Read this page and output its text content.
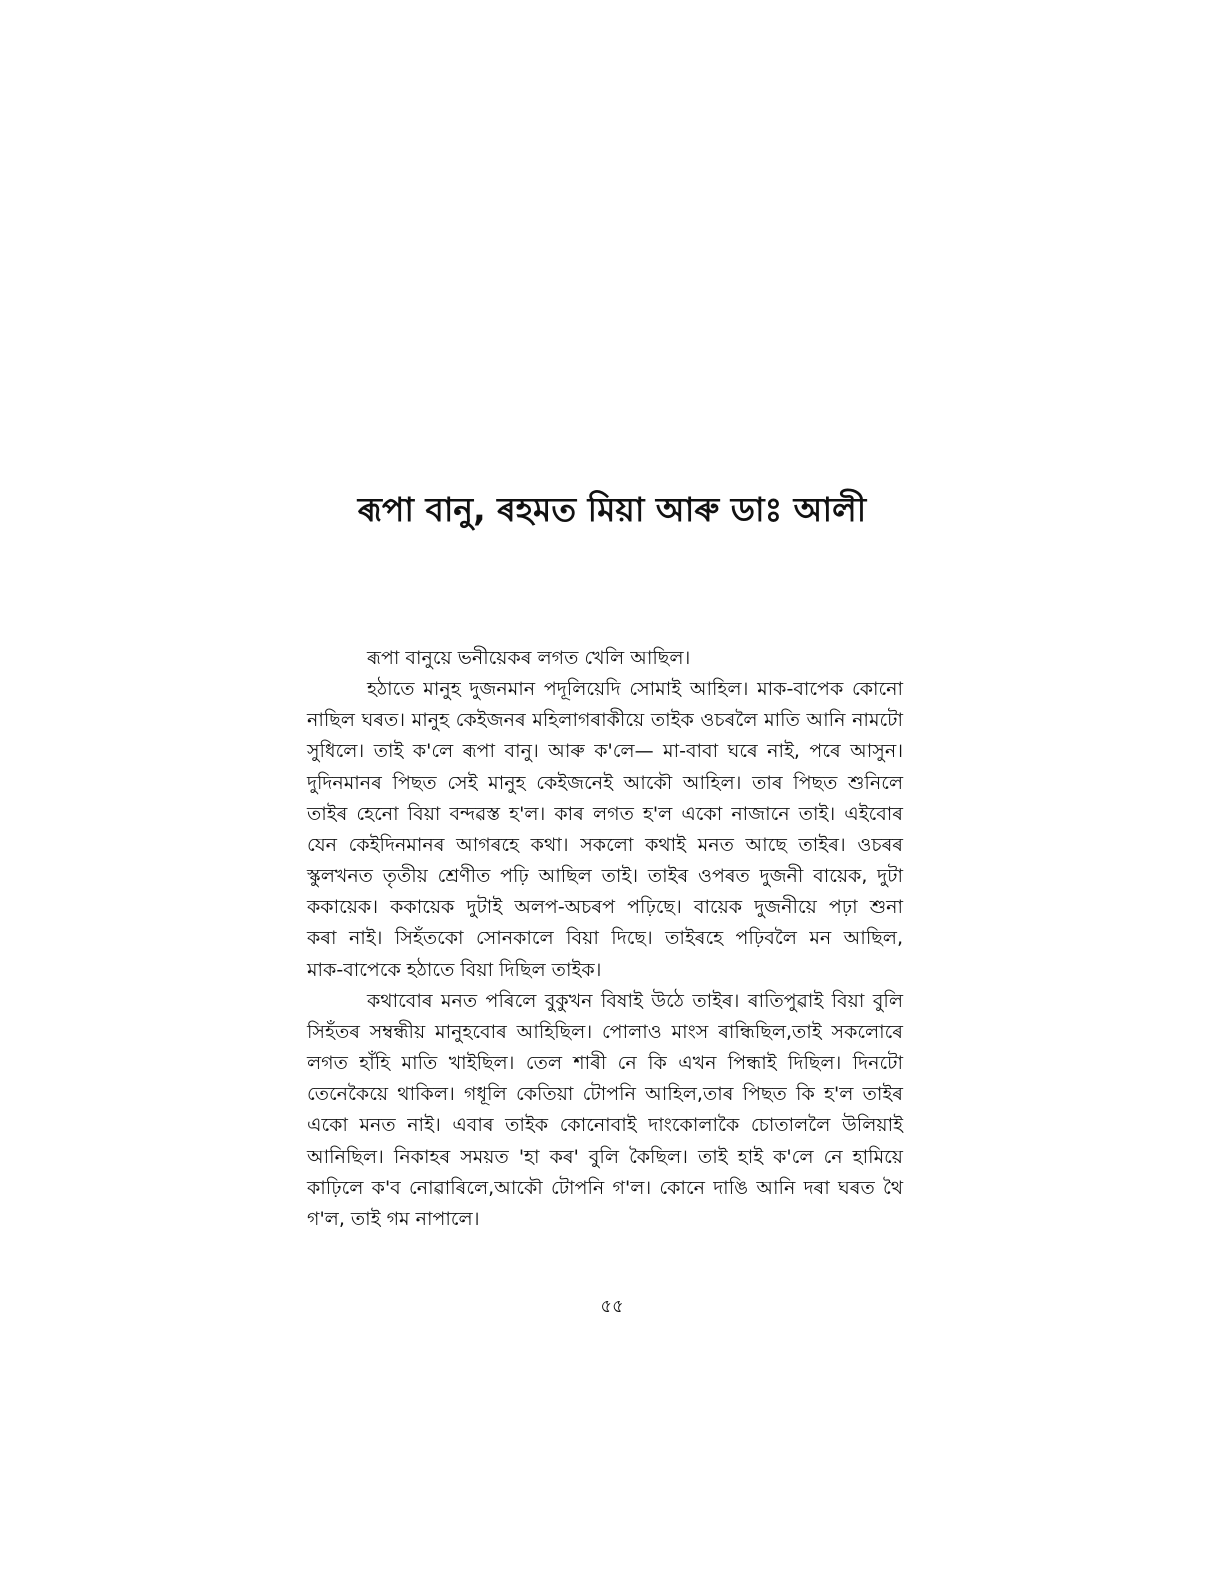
ৰূপা বানু, ৰহমত মিয়া আৰু ডাঃ আলী
ৰূপা বানুয়ে ভনীয়েকৰ লগত খেলি আছিল।
হঠাতে মানুহ দুজনমান পদূলিয়েদি সোমাই আহিল। মাক-বাপেক কোনো
নাছিল ঘৰত। মানুহ কেইজনৰ মহিলাগৰাকীয়ে তাইক ওচৰলৈ মাতি আনি নামটো
সুধিলে। তাই ক'লে ৰূপা বানু। আৰু ক'লে— মা-বাবা ঘৰে নাই, পৰে আসুন।
দুদিনমানৰ পিছত সেই মানুহ কেইজনেই আকৌ আহিল। তাৰ পিছত শুনিলে
তাইৰ হেনো বিয়া বন্দৱস্ত হ'ল। কাৰ লগত হ'ল একো নাজানে তাই। এইবোৰ
যেন কেইদিনমানৰ আগৰহে কথা। সকলো কথাই মনত আছে তাইৰ। ওচৰৰ
স্কুলখনত তৃতীয় শ্ৰেণীত পঢ়ি আছিল তাই। তাইৰ ওপৰত দুজনী বায়েক, দুটা
ককায়েক। ককায়েক দুটাই অলপ-অচৰপ পঢ়িছে। বায়েক দুজনীয়ে পঢ়া শুনা
কৰা নাই। সিহঁতকো সোনকালে বিয়া দিছে। তাইৰহে পঢ়িবলৈ মন আছিল,
মাক-বাপেকে হঠাতে বিয়া দিছিল তাইক।
কথাবোৰ মনত পৰিলে বুকুখন বিষাই উঠে তাইৰ। ৰাতিপুৱাই বিয়া বুলি
সিহঁতৰ সম্বন্ধীয় মানুহবোৰ আহিছিল। পোলাও মাংস ৰান্ধিছিল,তাই সকলোৰে
লগত হাঁহি মাতি খাইছিল। তেল শাৰী নে কি এখন পিন্ধাই দিছিল। দিনটো
তেনেকৈয়ে থাকিল। গধূলি কেতিয়া টোপনি আহিল,তাৰ পিছত কি হ'ল তাইৰ
একো মনত নাই। এবাৰ তাইক কোনোবাই দাংকোলাকৈ চোতাললৈ উলিয়াই
আনিছিল। নিকাহৰ সময়ত 'হা কৰ' বুলি কৈছিল। তাই হাই ক'লে নে হামিয়ে
কাঢ়িলে ক'ব নোৱাৰিলে,আকৌ টোপনি গ'ল। কোনে দাঙি আনি দৰা ঘৰত থৈ
গ'ল, তাই গম নাপালে।
৫৫
